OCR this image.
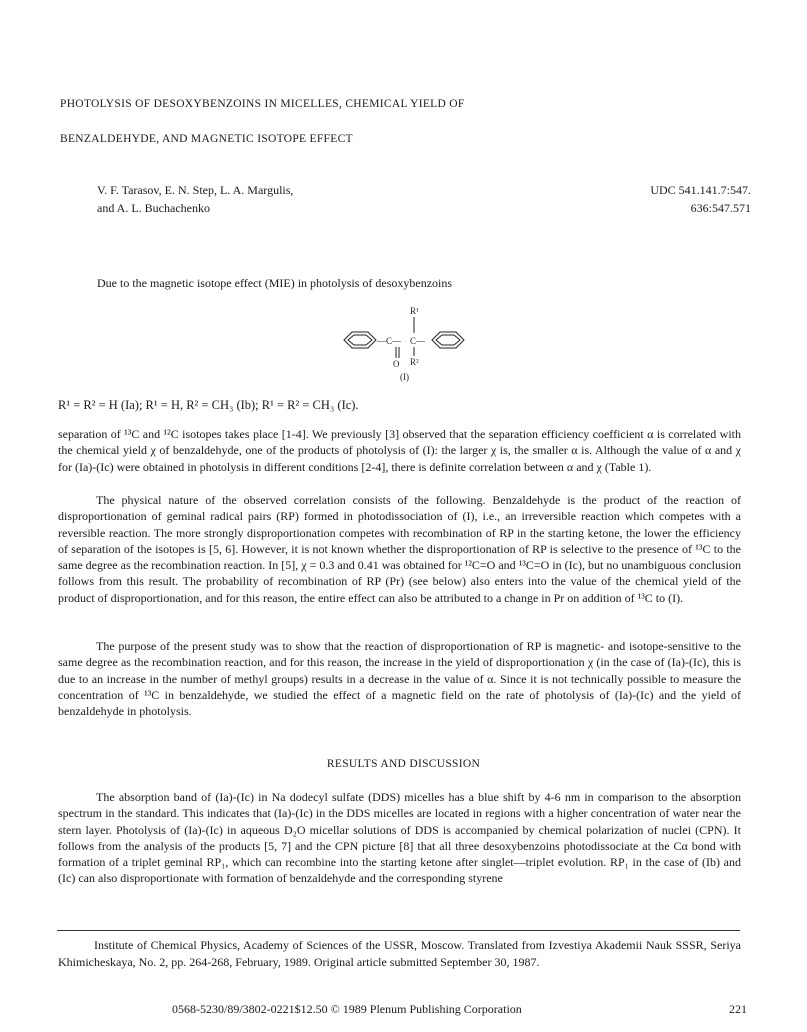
PHOTOLYSIS OF DESOXYBENZOINS IN MICELLES, CHEMICAL YIELD OF
BENZALDEHYDE, AND MAGNETIC ISOTOPE EFFECT
V. F. Tarasov, E. N. Step, L. A. Margulis,
and A. L. Buchachenko
UDC 541.141.7:547.
636:547.571
Due to the magnetic isotope effect (MIE) in photolysis of desoxybenzoins
R¹
—C— C—
O R²
(I)
R¹ = R² = H (Ia); R¹ = H, R² = CH₃ (Ib); R¹ = R² = CH₃ (Ic).

separation of ¹³C and ¹²C isotopes takes place [1-4]. We previously [3] observed that the separation efficiency coefficient α is correlated with the chemical yield χ of benzaldehyde, one of the products of photolysis of (I): the larger χ is, the smaller α is. Although the value of α and χ for (Ia)-(Ic) were obtained in photolysis in different conditions [2-4], there is definite correlation between α and χ (Table 1).

The physical nature of the observed correlation consists of the following. Benzaldehyde is the product of the reaction of disproportionation of geminal radical pairs (RP) formed in photodissociation of (I), i.e., an irreversible reaction which competes with a reversible reaction. The more strongly disproportionation competes with recombination of RP in the starting ketone, the lower the efficiency of separation of the isotopes is [5, 6]. However, it is not known whether the disproportionation of RP is selective to the presence of ¹³C to the same degree as the recombination reaction. In [5], χ = 0.3 and 0.41 was obtained for ¹²C=O and ¹³C=O in (Ic), but no unambiguous conclusion follows from this result. The probability of recombination of RP (Pr) (see below) also enters into the value of the chemical yield of the product of disproportionation, and for this reason, the entire effect can also be attributed to a change in Pr on addition of ¹³C to (I).

The purpose of the present study was to show that the reaction of disproportionation of RP is magnetic- and isotope-sensitive to the same degree as the recombination reaction, and for this reason, the increase in the yield of disproportionation χ (in the case of (Ia)-(Ic), this is due to an increase in the number of methyl groups) results in a decrease in the value of α. Since it is not technically possible to measure the concentration of ¹³C in benzaldehyde, we studied the effect of a magnetic field on the rate of photolysis of (Ia)-(Ic) and the yield of benzaldehyde in photolysis.

RESULTS AND DISCUSSION

The absorption band of (Ia)-(Ic) in Na dodecyl sulfate (DDS) micelles has a blue shift by 4-6 nm in comparison to the absorption spectrum in the standard. This indicates that (Ia)-(Ic) in the DDS micelles are located in regions with a higher concentration of water near the stern layer. Photolysis of (Ia)-(Ic) in aqueous D₂O micellar solutions of DDS is accompanied by chemical polarization of nuclei (CPN). It follows from the analysis of the products [5, 7] and the CPN picture [8] that all three desoxybenzoins photodissociate at the Cα bond with formation of a triplet geminal RP₁, which can recombine into the starting ketone after singlet—triplet evolution. RP₁ in the case of (Ib) and (Ic) can also disproportionate with formation of benzaldehyde and the corresponding styrene

Institute of Chemical Physics, Academy of Sciences of the USSR, Moscow. Translated from Izvestiya Akademii Nauk SSSR, Seriya Khimicheskaya, No. 2, pp. 264-268, February, 1989. Original article submitted September 30, 1987.

0568-5230/89/3802-0221$12.50 © 1989 Plenum Publishing Corporation	221
